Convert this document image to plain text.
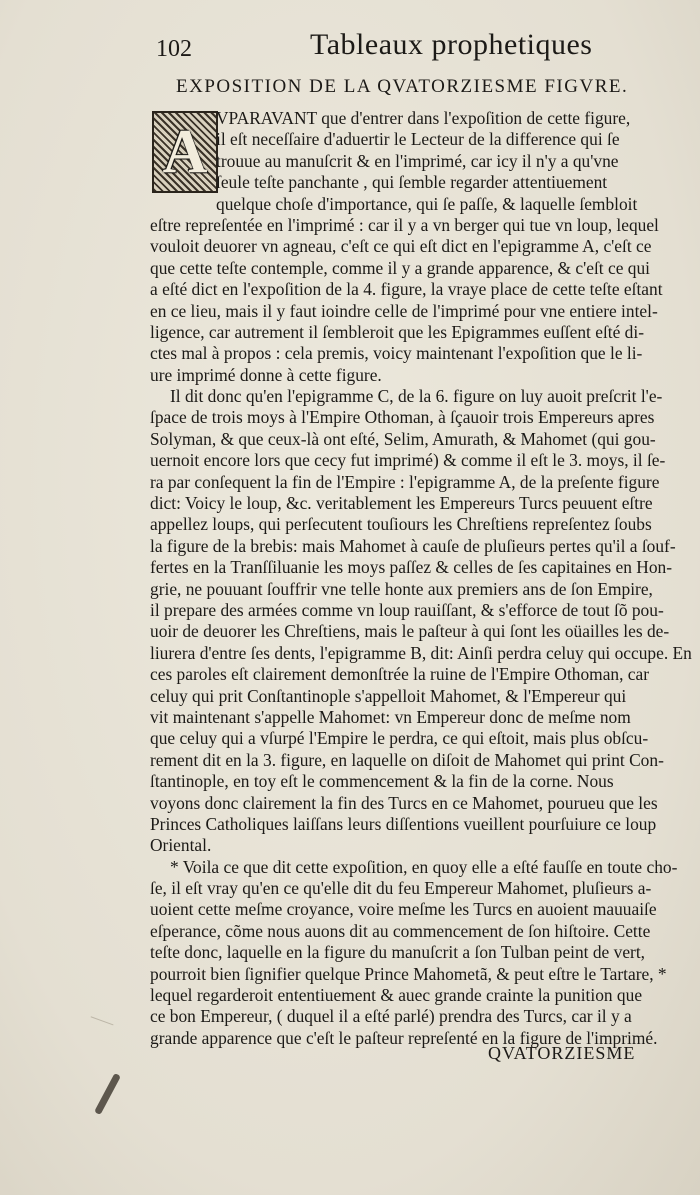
102	Tableaux prophetiques
EXPOSITION DE LA QVATORZIESME FIGVRE.
A VPARAVANT que d'entrer dans l'expoſition de cette figure,
il eſt neceſſaire d'aduertir le Lecteur de la difference qui ſe
trouue au manuſcrit & en l'imprimé, car icy il n'y a qu'vne
ſeule teſte panchante , qui ſemble regarder attentiuement
quelque choſe d'importance, qui ſe paſſe, & laquelle ſembloit
eſtre repreſentée en l'imprimé : car il y a vn berger qui tue vn loup, lequel
vouloit deuorer vn agneau, c'eſt ce qui eſt dict en l'epigramme A, c'eſt ce
que cette teſte contemple, comme il y a grande apparence, & c'eſt ce qui
a eſté dict en l'expoſition de la 4. figure, la vraye place de cette teſte eſtant
en ce lieu, mais il y faut ioindre celle de l'imprimé pour vne entiere intel-
ligence, car autrement il ſembleroit que les Epigrammes euſſent eſté di-
ctes mal à propos : cela premis, voicy maintenant l'expoſition que le li-
ure imprimé donne à cette figure.
Il dit donc qu'en l'epigramme C, de la 6. figure on luy auoit preſcrit l'e-
ſpace de trois moys à l'Empire Othoman, à ſçauoir trois Empereurs apres
Solyman, & que ceux-là ont eſté, Selim, Amurath, & Mahomet (qui gou-
uernoit encore lors que cecy fut imprimé) & comme il eſt le 3. moys, il ſe-
ra par conſequent la fin de l'Empire : l'epigramme A, de la preſente figure
dict: Voicy le loup, &c. veritablement les Empereurs Turcs peuuent eſtre
appellez loups, qui perſecutent touſiours les Chreſtiens repreſentez ſoubs
la figure de la brebis: mais Mahomet à cauſe de pluſieurs pertes qu'il a ſouf-
fertes en la Tranſſiluanie les moys paſſez & celles de ſes capitaines en Hon-
grie, ne pouuant ſouffrir vne telle honte aux premiers ans de ſon Empire,
il prepare des armées comme vn loup rauiſſant, & s'efforce de tout ſõ pou-
uoir de deuorer les Chreſtiens, mais le paſteur à qui ſont les oüailles les de-
liurera d'entre ſes dents, l'epigramme B, dit: Ainſi perdra celuy qui occupe. En
ces paroles eſt clairement demonſtrée la ruine de l'Empire Othoman, car
celuy qui prit Conſtantinople s'appelloit Mahomet, & l'Empereur qui
vit maintenant s'appelle Mahomet: vn Empereur donc de meſme nom
que celuy qui a vſurpé l'Empire le perdra, ce qui eſtoit, mais plus obſcu-
rement dit en la 3. figure, en laquelle on diſoit de Mahomet qui print Con-
ſtantinople, en toy eſt le commencement & la fin de la corne. Nous
voyons donc clairement la fin des Turcs en ce Mahomet, pourueu que les
Princes Catholiques laiſſans leurs diſſentions vueillent pourſuiure ce loup
Oriental.
* Voila ce que dit cette expoſition, en quoy elle a eſté fauſſe en toute cho-
ſe, il eſt vray qu'en ce qu'elle dit du feu Empereur Mahomet, pluſieurs a-
uoient cette meſme croyance, voire meſme les Turcs en auoient mauuaiſe
eſperance, cõme nous auons dit au commencement de ſon hiſtoire. Cette
teſte donc, laquelle en la figure du manuſcrit a ſon Tulban peint de vert,
pourroit bien ſignifier quelque Prince Mahometã, & peut eſtre le Tartare, *
lequel regarderoit ententiuement & auec grande crainte la punition que
ce bon Empereur, ( duquel il a eſté parlé) prendra des Turcs, car il y a
grande apparence que c'eſt le paſteur repreſenté en la figure de l'imprimé.
QVATORZIESME
